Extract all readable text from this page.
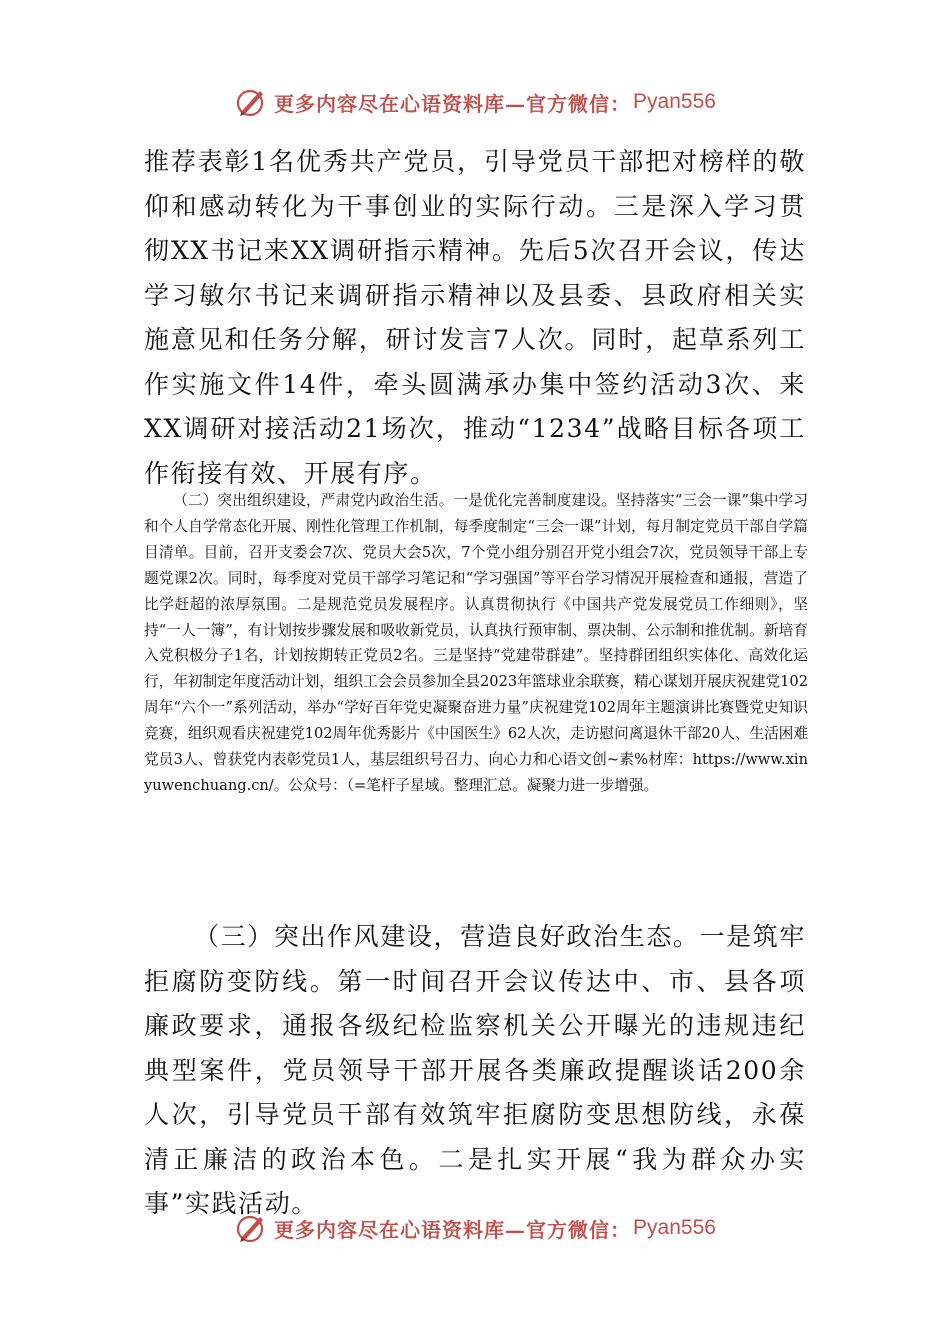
更多内容尽在心语资料库—官方微信： Pyan556

推荐表彰1名优秀共产党员，引导党员干部把对榜样的敬仰和感动转化为干事创业的实际行动。三是深入学习贯彻XX书记来XX调研指示精神。先后5次召开会议，传达学习敏尔书记来调研指示精神以及县委、县政府相关实施意见和任务分解，研讨发言7人次。同时，起草系列工作实施文件14件，牵头圆满承办集中签约活动3次、来XX调研对接活动21场次，推动“1234”战略目标各项工作衔接有效、开展有序。

（二）突出组织建设，严肃党内政治生活。一是优化完善制度建设。坚持落实“三会一课”集中学习和个人自学常态化开展、刚性化管理工作机制，每季度制定“三会一课”计划，每月制定党员干部自学篇目清单。目前，召开支委会7次、党员大会5次，7个党小组分别召开党小组会7次，党员领导干部上专题党课2次。同时，每季度对党员干部学习笔记和“学习强国”等平台学习情况开展检查和通报，营造了比学赶超的浓厚氛围。二是规范党员发展程序。认真贯彻执行《中国共产党发展党员工作细则》，坚持“一人一簿”，有计划按步骤发展和吸收新党员，认真执行预审制、票决制、公示制和推优制。新培育入党积极分子1名，计划按期转正党员2名。三是坚持“党建带群建”。坚持群团组织实体化、高效化运行，年初制定年度活动计划，组织工会会员参加全县2023年篮球业余联赛，精心谋划开展庆祝建党102周年“六个一”系列活动，举办“学好百年党史凝聚奋进力量”庆祝建党102周年主题演讲比赛暨党史知识竞赛，组织观看庆祝建党102周年优秀影片《中国医生》62人次，走访慰问离退休干部20人、生活困难党员3人、曾获党内表彰党员1人，基层组织号召力、向心力和心语文创~素%材库：https://www.xinyuwenchuang.cn/。公众号：（=笔杆子星域。整理汇总。凝聚力进一步增强。

（三）突出作风建设，营造良好政治生态。一是筑牢拒腐防变防线。第一时间召开会议传达中、市、县各项廉政要求，通报各级纪检监察机关公开曝光的违规违纪典型案件，党员领导干部开展各类廉政提醒谈话200余人次，引导党员干部有效筑牢拒腐防变思想防线，永葆清正廉洁的政治本色。二是扎实开展“我为群众办实事”实践活动。

更多内容尽在心语资料库—官方微信： Pyan556
